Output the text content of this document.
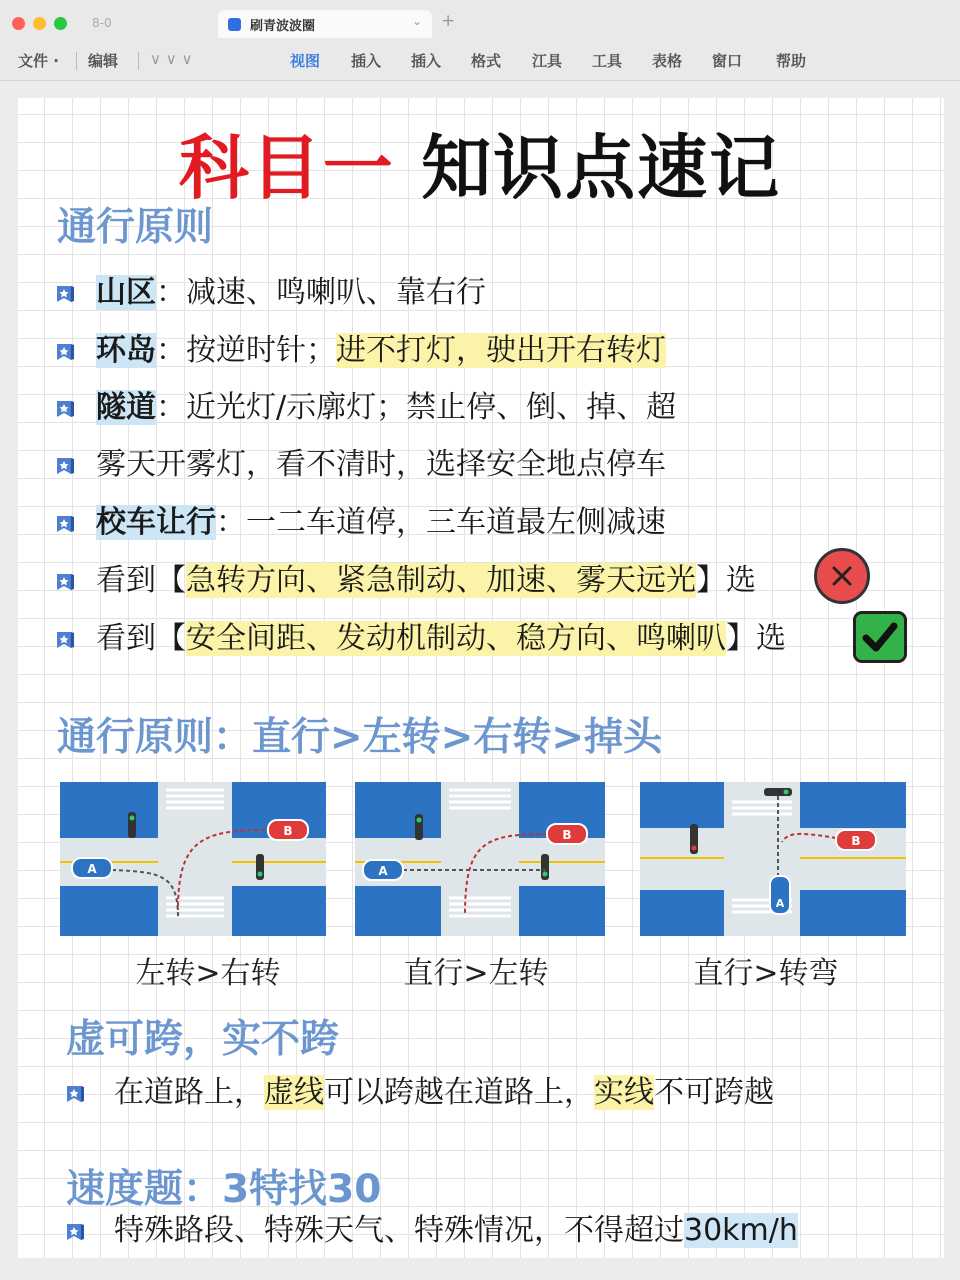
8-0	刷青波波圈	⌄ +
文件 · 编辑 ∨ ∨ ∨	视图 插入 插入 格式 江具 工具 表格 窗口 帮助
科目一 知识点速记
通行原则
山区：减速、鸣喇叭、靠右行
环岛：按逆时针；进不打灯，驶出开右转灯
隧道：近光灯/示廓灯；禁止停、倒、掉、超
雾天开雾灯，看不清时，选择安全地点停车
校车让行：一二车道停，三车道最左侧减速
看到【急转方向、紧急制动、加速、雾天远光】选
看到【安全间距、发动机制动、稳方向、鸣喇叭】选
通行原则：直行>左转>右转>掉头
A
B
A
B
A
B
左转>右转	直行>左转	直行>转弯
虚可跨，实不跨
在道路上，虚线可以跨越在道路上，实线不可跨越
速度题：3特找30
特殊路段、特殊天气、特殊情况，不得超过30km/h
